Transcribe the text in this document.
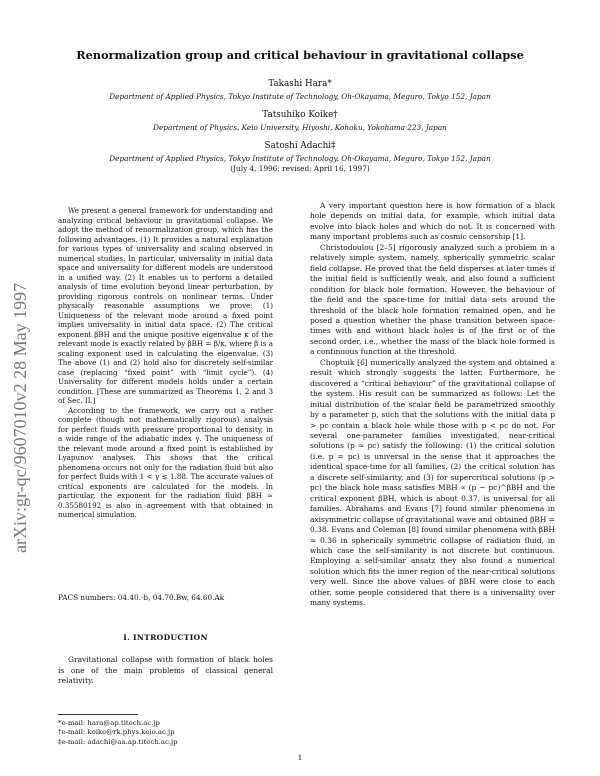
arXiv:gr-qc/9607010v2 28 May 1997
Renormalization group and critical behaviour in gravitational collapse
Takashi Hara*
Department of Applied Physics, Tokyo Institute of Technology, Oh-Okayama, Meguro, Tokyo 152, Japan
Tatsuhiko Koike†
Department of Physics, Keio University, Hiyoshi, Kohoku, Yokohama 223, Japan
Satoshi Adachi‡
Department of Applied Physics, Tokyo Institute of Technology, Oh-Okayama, Meguro, Tokyo 152, Japan
(July 4, 1996; revised: April 16, 1997)

We present a general framework for understanding and analyzing critical behaviour in gravitational collapse. We adopt the method of renormalization group, which has the following advantages. (1) It provides a natural explanation for various types of universality and scaling observed in numerical studies. In particular, universality in initial data space and universality for different models are understood in a unified way. (2) It enables us to perform a detailed analysis of time evolution beyond linear perturbation, by providing rigorous controls on nonlinear terms. Under physically reasonable assumptions we prove: (1) Uniqueness of the relevant mode around a fixed point implies universality in initial data space. (2) The critical exponent βBH and the unique positive eigenvalue κ of the relevant mode is exactly related by βBH = β/κ, where β is a scaling exponent used in calculating the eigenvalue. (3) The above (1) and (2) hold also for discretely self-similar case (replacing “fixed point” with “limit cycle”). (4) Universality for different models holds under a certain condition. [These are summarized as Theorems 1, 2 and 3 of Sec. II.]

According to the framework, we carry out a rather complete (though not mathematically rigorous) analysis for perfect fluids with pressure proportional to density, in a wide range of the adiabatic index γ. The uniqueness of the relevant mode around a fixed point is established by Lyapunov analyses. This shows that the critical phenomena occurs not only for the radiation fluid but also for perfect fluids with 1 < γ ≲ 1.88. The accurate values of critical exponents are calculated for the models. In particular, the exponent for the radiation fluid βBH ≃ 0.35580192 is also in agreement with that obtained in numerical simulation.

PACS numbers: 04.40.-b, 04.70.Bw, 64.60.Ak
I. INTRODUCTION

Gravitational collapse with formation of black holes is one of the main problems of classical general relativity.

*e-mail: hara@ap.titech.ac.jp
†e-mail: koike@rk.phys.keio.ac.jp
‡e-mail: adachi@aa.ap.titech.ac.jp

A very important question here is how formation of a black hole depends on initial data, for example, which initial data evolve into black holes and which do not. It is concerned with many important problems such as cosmic censorship [1].

Christodoulou [2–5] rigorously analyzed such a problem in a relatively simple system, namely, spherically symmetric scalar field collapse. He proved that the field disperses at later times if the initial field is sufficiently weak, and also found a sufficient condition for black hole formation. However, the behaviour of the field and the space-time for initial data sets around the threshold of the black hole formation remained open, and he posed a question whether the phase transition between space-times with and without black holes is of the first or of the second order, i.e., whether the mass of the black hole formed is a continuous function at the threshold.

Choptuik [6] numerically analyzed the system and obtained a result which strongly suggests the latter. Furthermore, he discovered a “critical behaviour” of the gravitational collapse of the system. His result can be summarized as follows: Let the initial distribution of the scalar field be parametrized smoothly by a parameter p, such that the solutions with the initial data p > pc contain a black hole while those with p < pc do not. For several one-parameter families investigated, near-critical solutions (p ≈ pc) satisfy the following: (1) the critical solution (i.e. p = pc) is universal in the sense that it approaches the identical space-time for all families, (2) the critical solution has a discrete self-similarity, and (3) for supercritical solutions (p > pc) the black hole mass satisfies MBH ∝ (p − pc)^βBH and the critical exponent βBH, which is about 0.37, is universal for all families. Abrahams and Evans [7] found similar phenomena in axisymmetric collapse of gravitational wave and obtained βBH = 0.38. Evans and Coleman [8] found similar phenomena with βBH ≃ 0.36 in spherically symmetric collapse of radiation fluid, in which case the self-similarity is not discrete but continuous. Employing a self-similar ansatz they also found a numerical solution which fits the inner region of the near-critical solutions very well. Since the above values of βBH were close to each other, some people considered that there is a universality over many systems.

1
